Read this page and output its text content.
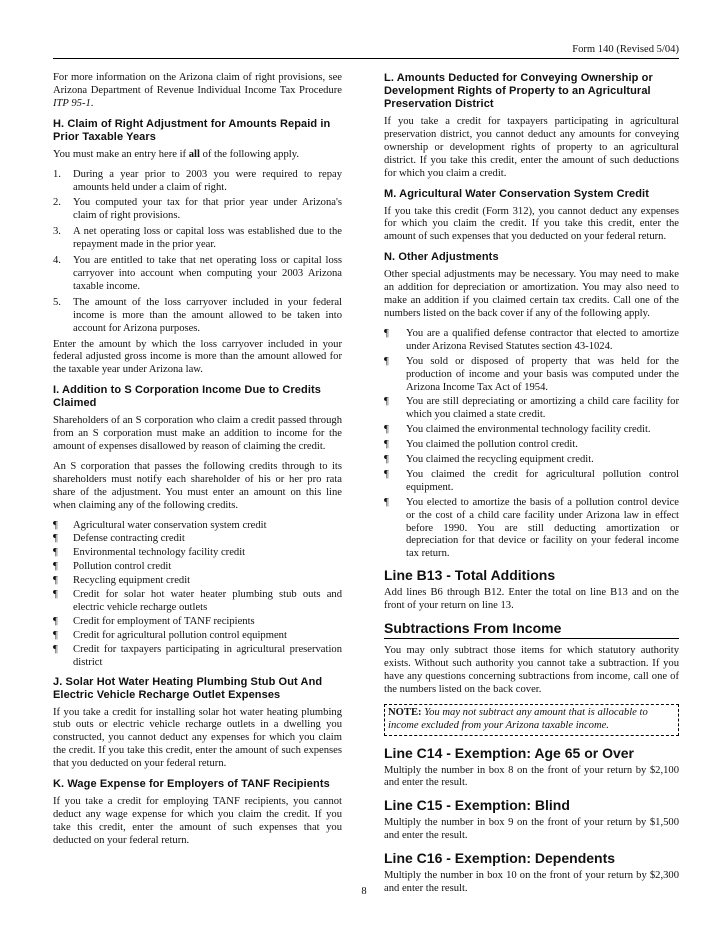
Form 140 (Revised 5/04)

For more information on the Arizona claim of right provisions, see Arizona Department of Revenue Individual Income Tax Procedure ITP 95-1.

H. Claim of Right Adjustment for Amounts Repaid in Prior Taxable Years

You must make an entry here if all of the following apply.

1. During a year prior to 2003 you were required to repay amounts held under a claim of right.
2. You computed your tax for that prior year under Arizona's claim of right provisions.
3. A net operating loss or capital loss was established due to the repayment made in the prior year.
4. You are entitled to take that net operating loss or capital loss carryover into account when computing your 2003 Arizona taxable income.
5. The amount of the loss carryover included in your federal income is more than the amount allowed to be taken into account for Arizona purposes.

Enter the amount by which the loss carryover included in your federal adjusted gross income is more than the amount allowed for the taxable year under Arizona law.

I. Addition to S Corporation Income Due to Credits Claimed

Shareholders of an S corporation who claim a credit passed through from an S corporation must make an addition to income for the amount of expenses disallowed by reason of claiming the credit.

An S corporation that passes the following credits through to its shareholders must notify each shareholder of his or her pro rata share of the adjustment. You must enter an amount on this line when claiming any of the following credits.

¶ Agricultural water conservation system credit
¶ Defense contracting credit
¶ Environmental technology facility credit
¶ Pollution control credit
¶ Recycling equipment credit
¶ Credit for solar hot water heater plumbing stub outs and electric vehicle recharge outlets
¶ Credit for employment of TANF recipients
¶ Credit for agricultural pollution control equipment
¶ Credit for taxpayers participating in agricultural preservation district
J. Solar Hot Water Heating Plumbing Stub Out And Electric Vehicle Recharge Outlet Expenses

If you take a credit for installing solar hot water heating plumbing stub outs or electric vehicle recharge outlets in a dwelling you constructed, you cannot deduct any expenses for which you claim the credit. If you take this credit, enter the amount of such expenses that you deducted on your federal return.

K. Wage Expense for Employers of TANF Recipients

If you take a credit for employing TANF recipients, you cannot deduct any wage expense for which you claim the credit. If you take this credit, enter the amount of such expenses that you deducted on your federal return.

L. Amounts Deducted for Conveying Ownership or Development Rights of Property to an Agricultural Preservation District

If you take a credit for taxpayers participating in agricultural preservation district, you cannot deduct any amounts for conveying ownership or development rights of property to an agricultural district. If you take this credit, enter the amount of such deductions for which you claim a credit.

M. Agricultural Water Conservation System Credit

If you take this credit (Form 312), you cannot deduct any expenses for which you claim the credit. If you take this credit, enter the amount of such expenses that you deducted on your federal return.

N. Other Adjustments

Other special adjustments may be necessary. You may need to make an addition for depreciation or amortization. You may also need to make an addition if you claimed certain tax credits. Call one of the numbers listed on the back cover if any of the following apply.

¶ You are a qualified defense contractor that elected to amortize under Arizona Revised Statutes section 43-1024.
¶ You sold or disposed of property that was held for the production of income and your basis was computed under the Arizona Income Tax Act of 1954.
¶ You are still depreciating or amortizing a child care facility for which you claimed a state credit.
¶ You claimed the environmental technology facility credit.
¶ You claimed the pollution control credit.
¶ You claimed the recycling equipment credit.
¶ You claimed the credit for agricultural pollution control equipment.
¶ You elected to amortize the basis of a pollution control device or the cost of a child care facility under Arizona law in effect before 1990. You are still deducting amortization or depreciation for that device or facility on your federal income tax return.
Line B13 - Total Additions

Add lines B6 through B12. Enter the total on line B13 and on the front of your return on line 13.

Subtractions From Income

You may only subtract those items for which statutory authority exists. Without such authority you cannot take a subtraction. If you have any questions concerning subtractions from income, call one of the numbers listed on the back cover.

NOTE: You may not subtract any amount that is allocable to income excluded from your Arizona taxable income.
Line C14 - Exemption: Age 65 or Over

Multiply the number in box 8 on the front of your return by $2,100 and enter the result.

Line C15 - Exemption: Blind

Multiply the number in box 9 on the front of your return by $1,500 and enter the result.

Line C16 - Exemption: Dependents

Multiply the number in box 10 on the front of your return by $2,300 and enter the result.

8
